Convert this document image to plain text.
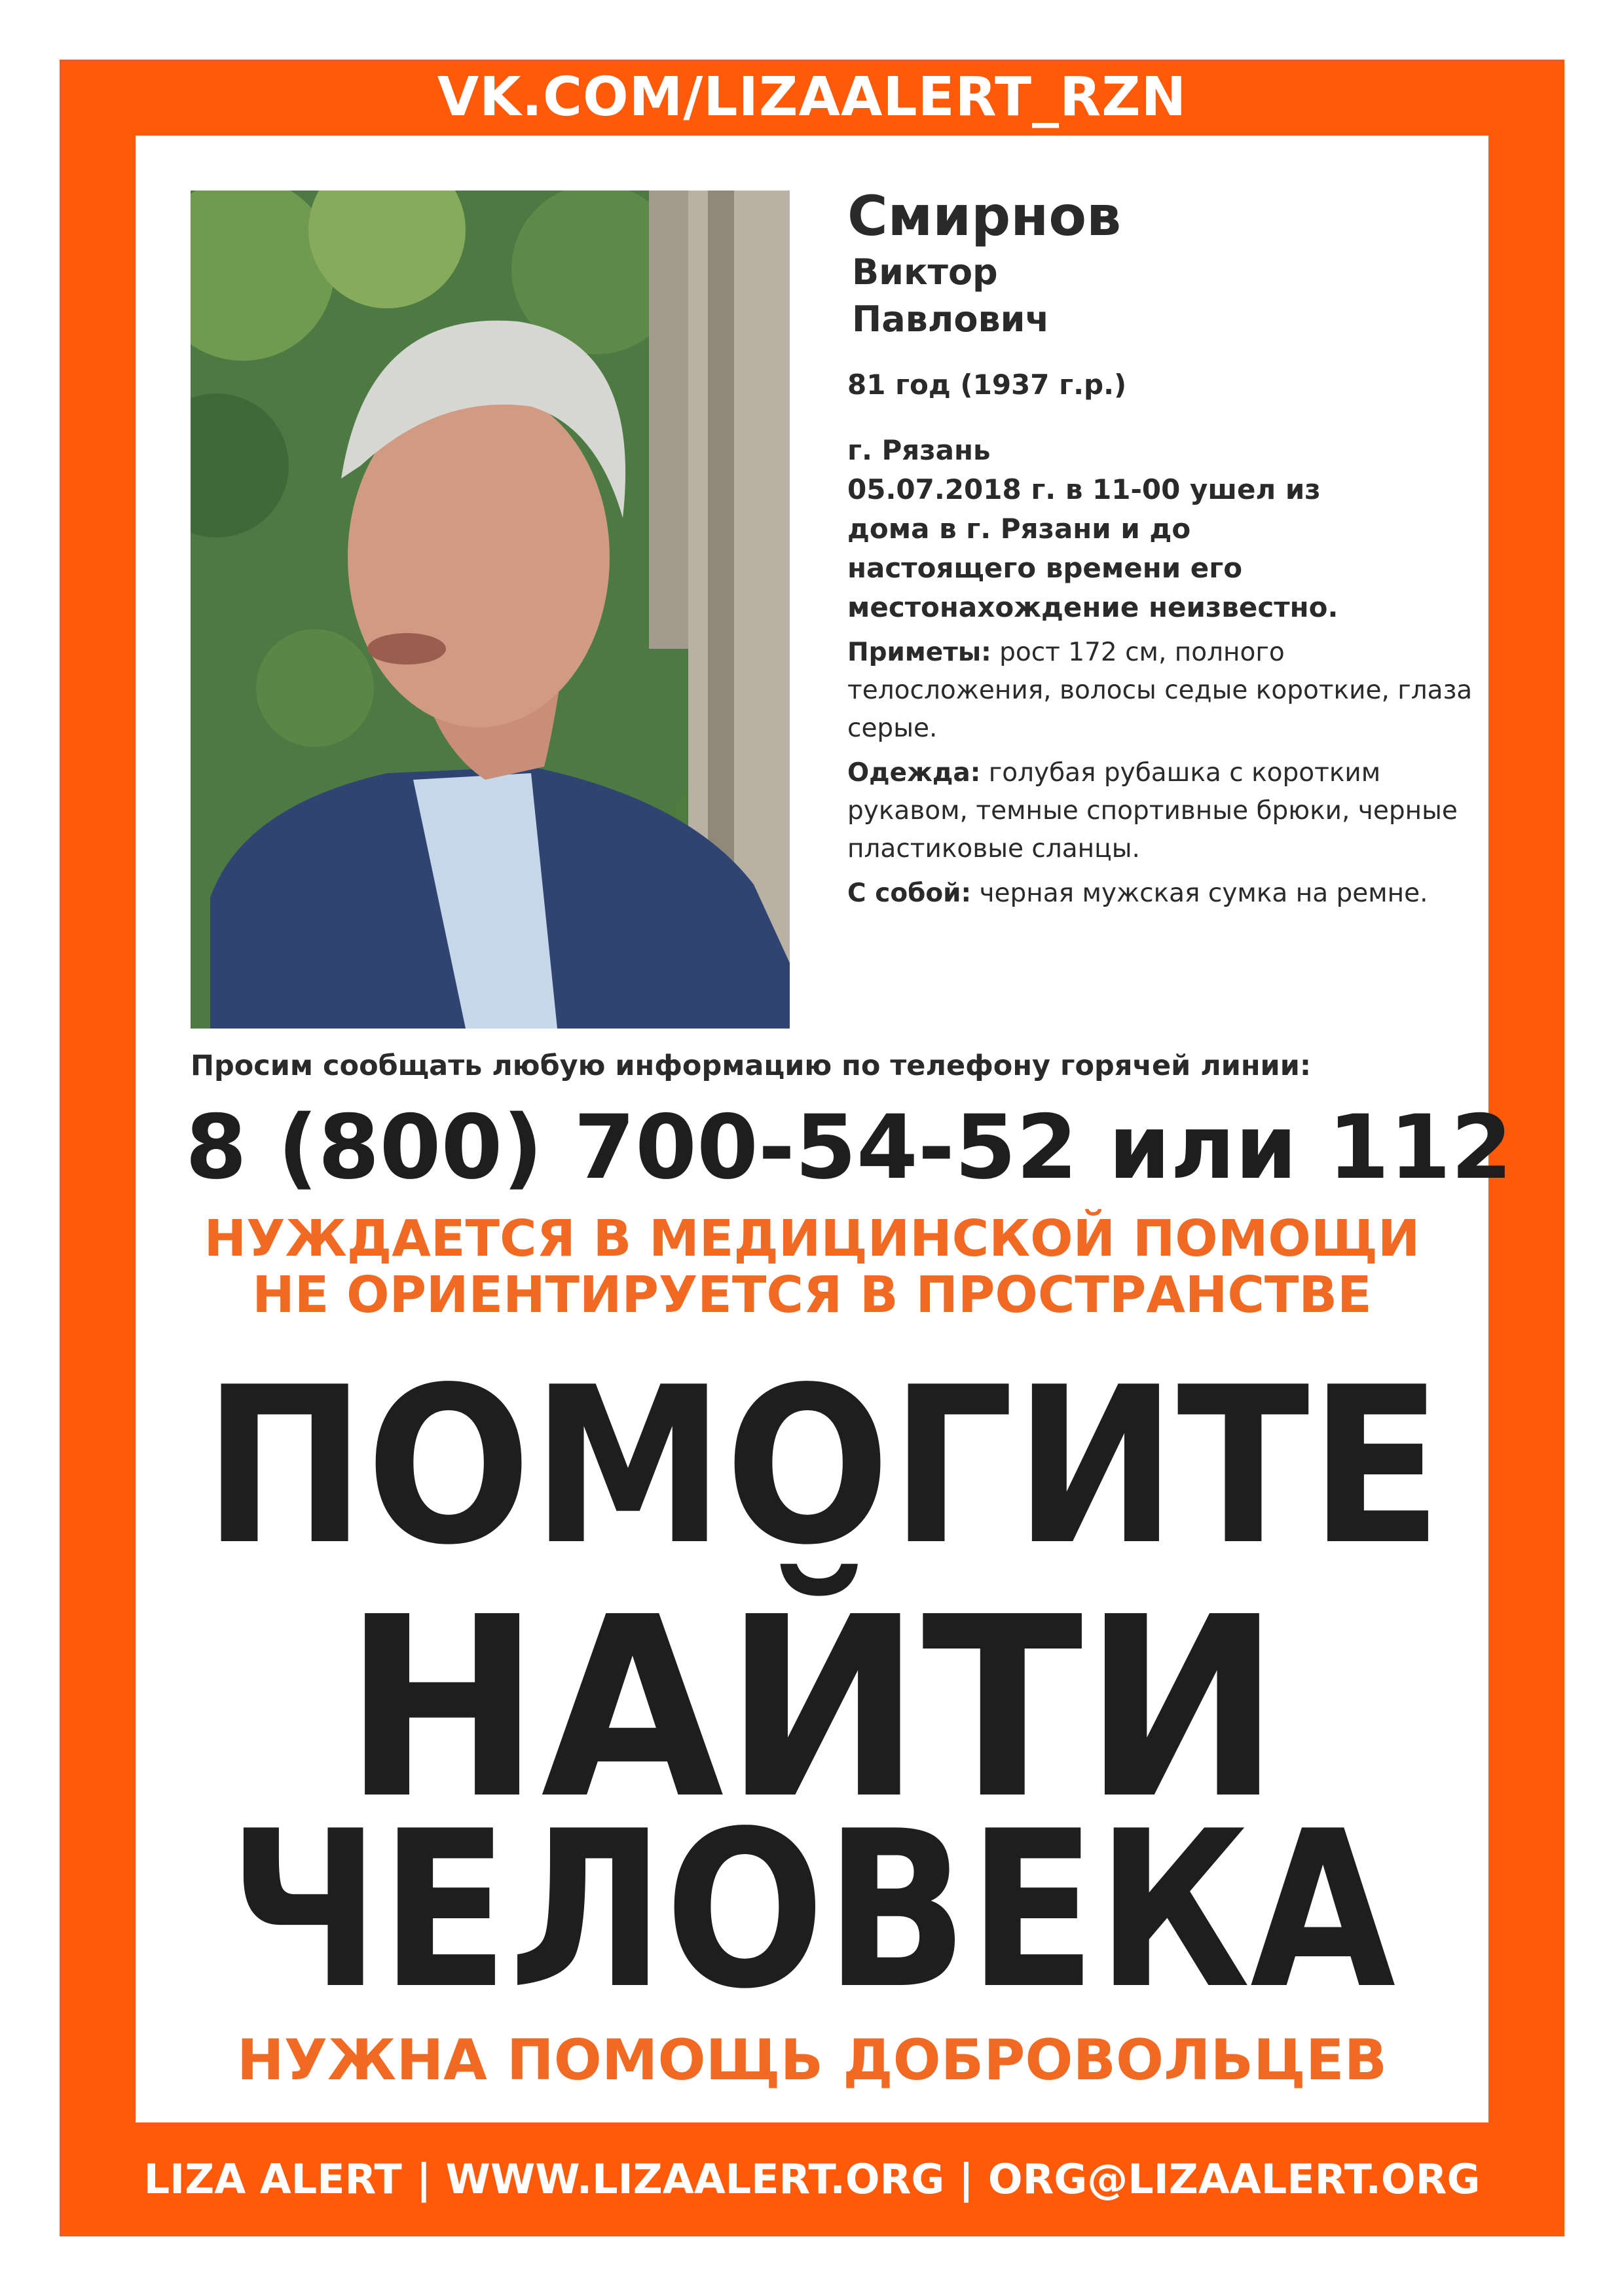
VK.COM/LIZAALERT_RZN
Смирнов
Виктор
Павлович
81 год (1937 г.р.)
г. Рязань
05.07.2018 г. в 11-00 ушел из
дома в г. Рязани и до
настоящего времени его
местонахождение неизвестно.
Приметы: рост 172 см, полного телосложения, волосы седые короткие, глаза серые.
Одежда: голубая рубашка с коротким рукавом, темные спортивные брюки, черные пластиковые сланцы.
С собой: черная мужская сумка на ремне.
Просим сообщать любую информацию по телефону горячей линии:
8 (800) 700-54-52 или 112
НУЖДАЕТСЯ В МЕДИЦИНСКОЙ ПОМОЩИ
НЕ ОРИЕНТИРУЕТСЯ В ПРОСТРАНСТВЕ
ПОМОГИТЕ
НАЙТИ
ЧЕЛОВЕКА
НУЖНА ПОМОЩЬ ДОБРОВОЛЬЦЕВ
LIZA ALERT | WWW.LIZAALERT.ORG | ORG@LIZAALERT.ORG
